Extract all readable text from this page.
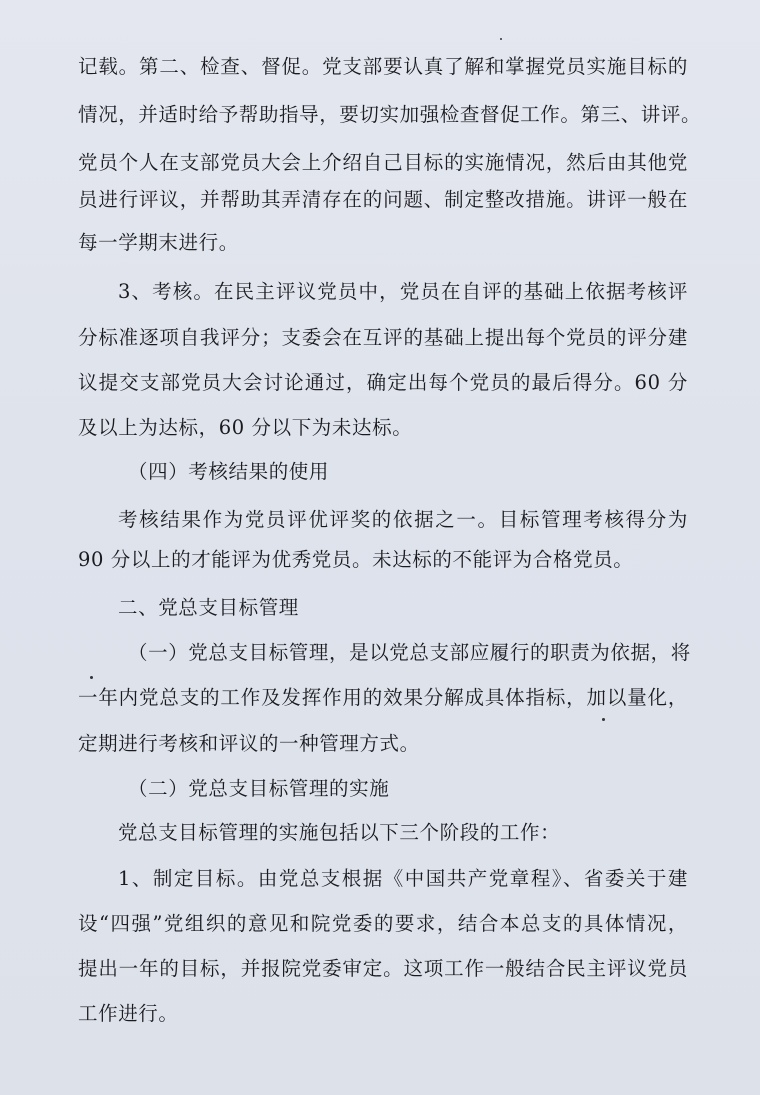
记载。第二、检查、督促。党支部要认真了解和掌握党员实施目标的
情况，并适时给予帮助指导，要切实加强检查督促工作。第三、讲评。
党员个人在支部党员大会上介绍自己目标的实施情况，然后由其他党
员进行评议，并帮助其弄清存在的问题、制定整改措施。讲评一般在
每一学期末进行。
3、考核。在民主评议党员中，党员在自评的基础上依据考核评
分标准逐项自我评分；支委会在互评的基础上提出每个党员的评分建
议提交支部党员大会讨论通过，确定出每个党员的最后得分。60 分
及以上为达标，60 分以下为未达标。
（四）考核结果的使用
考核结果作为党员评优评奖的依据之一。目标管理考核得分为
90 分以上的才能评为优秀党员。未达标的不能评为合格党员。
二、党总支目标管理
（一）党总支目标管理，是以党总支部应履行的职责为依据，将
一年内党总支的工作及发挥作用的效果分解成具体指标，加以量化，
定期进行考核和评议的一种管理方式。
（二）党总支目标管理的实施
党总支目标管理的实施包括以下三个阶段的工作：
1、制定目标。由党总支根据《中国共产党章程》、省委关于建
设“四强”党组织的意见和院党委的要求，结合本总支的具体情况，
提出一年的目标，并报院党委审定。这项工作一般结合民主评议党员
工作进行。
